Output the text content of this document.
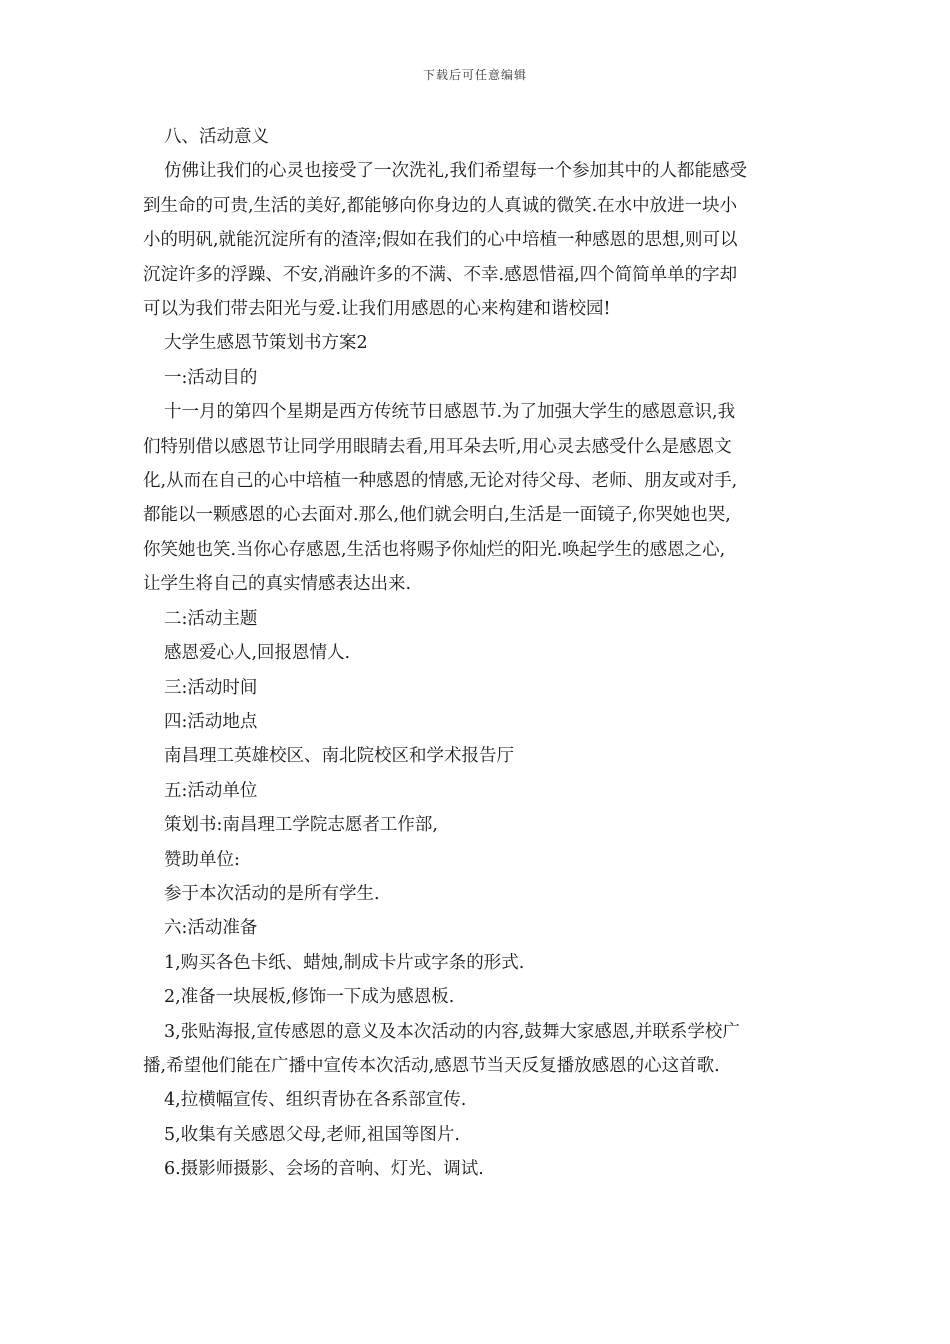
下载后可任意编辑
八、活动意义
仿佛让我们的心灵也接受了一次洗礼,我们希望每一个参加其中的人都能感受
到生命的可贵,生活的美好,都能够向你身边的人真诚的微笑.在水中放进一块小
小的明矾,就能沉淀所有的渣滓;假如在我们的心中培植一种感恩的思想,则可以
沉淀许多的浮躁、不安,消融许多的不满、不幸.感恩惜福,四个简简单单的字却
可以为我们带去阳光与爱.让我们用感恩的心来构建和谐校园!
大学生感恩节策划书方案2
一:活动目的
十一月的第四个星期是西方传统节日感恩节.为了加强大学生的感恩意识,我
们特别借以感恩节让同学用眼睛去看,用耳朵去听,用心灵去感受什么是感恩文
化,从而在自己的心中培植一种感恩的情感,无论对待父母、老师、朋友或对手,
都能以一颗感恩的心去面对.那么,他们就会明白,生活是一面镜子,你哭她也哭,
你笑她也笑.当你心存感恩,生活也将赐予你灿烂的阳光.唤起学生的感恩之心,
让学生将自己的真实情感表达出来.
二:活动主题
感恩爱心人,回报恩情人.
三:活动时间
四:活动地点
南昌理工英雄校区、南北院校区和学术报告厅
五:活动单位
策划书:南昌理工学院志愿者工作部,
赞助单位:
参于本次活动的是所有学生.
六:活动准备
1,购买各色卡纸、蜡烛,制成卡片或字条的形式.
2,准备一块展板,修饰一下成为感恩板.
3,张贴海报,宣传感恩的意义及本次活动的内容,鼓舞大家感恩,并联系学校广
播,希望他们能在广播中宣传本次活动,感恩节当天反复播放感恩的心这首歌.
4,拉横幅宣传、组织青协在各系部宣传.
5,收集有关感恩父母,老师,祖国等图片.
6.摄影师摄影、会场的音响、灯光、调试.
